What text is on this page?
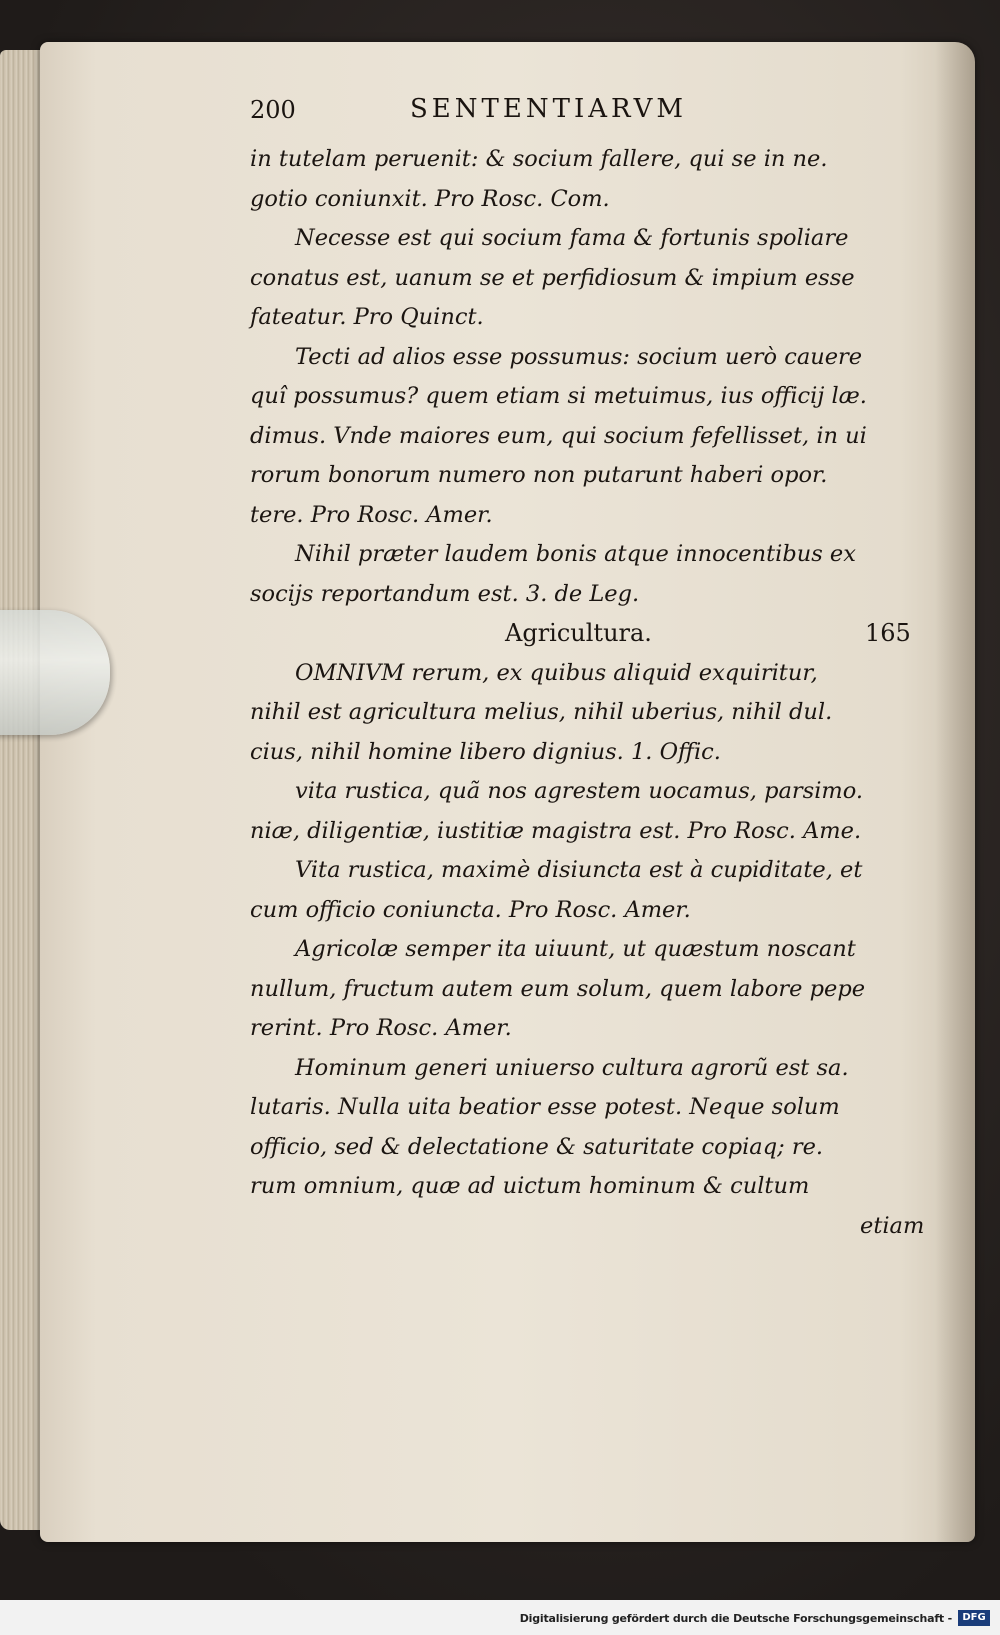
200	SENTENTIARVM
in tutelam peruenit: & socium fallere, qui se in ne.
gotio coniunxit. Pro Rosc. Com.
Necesse est qui socium fama & fortunis spoliare
conatus est, uanum se et perfidiosum & impium esse
fateatur. Pro Quinct.
Tecti ad alios esse possumus: socium uerò cauere
quî possumus? quem etiam si metuimus, ius officij læ.
dimus. Vnde maiores eum, qui socium fefellisset, in ui
rorum bonorum numero non putarunt haberi opor.
tere. Pro Rosc. Amer.
Nihil præter laudem bonis atque innocentibus ex
socijs reportandum est. 3. de Leg.
Agricultura.	165
OMNIVM rerum, ex quibus aliquid exquiritur,
nihil est agricultura melius, nihil uberius, nihil dul.
cius, nihil homine libero dignius. 1. Offic.
vita rustica, quã nos agrestem uocamus, parsimo.
niæ, diligentiæ, iustitiæ magistra est. Pro Rosc. Ame.
Vita rustica, maximè disiuncta est à cupiditate, et
cum officio coniuncta. Pro Rosc. Amer.
Agricolæ semper ita uiuunt, ut quæstum noscant
nullum, fructum autem eum solum, quem labore pepe
rerint. Pro Rosc. Amer.
Hominum generi uniuerso cultura agrorũ est sa.
lutaris. Nulla uita beatior esse potest. Neque solum
officio, sed & delectatione & saturitate copiaq; re.
rum omnium, quæ ad uictum hominum & cultum
etiam
Digitalisierung gefördert durch die Deutsche Forschungsgemeinschaft -	DFG
